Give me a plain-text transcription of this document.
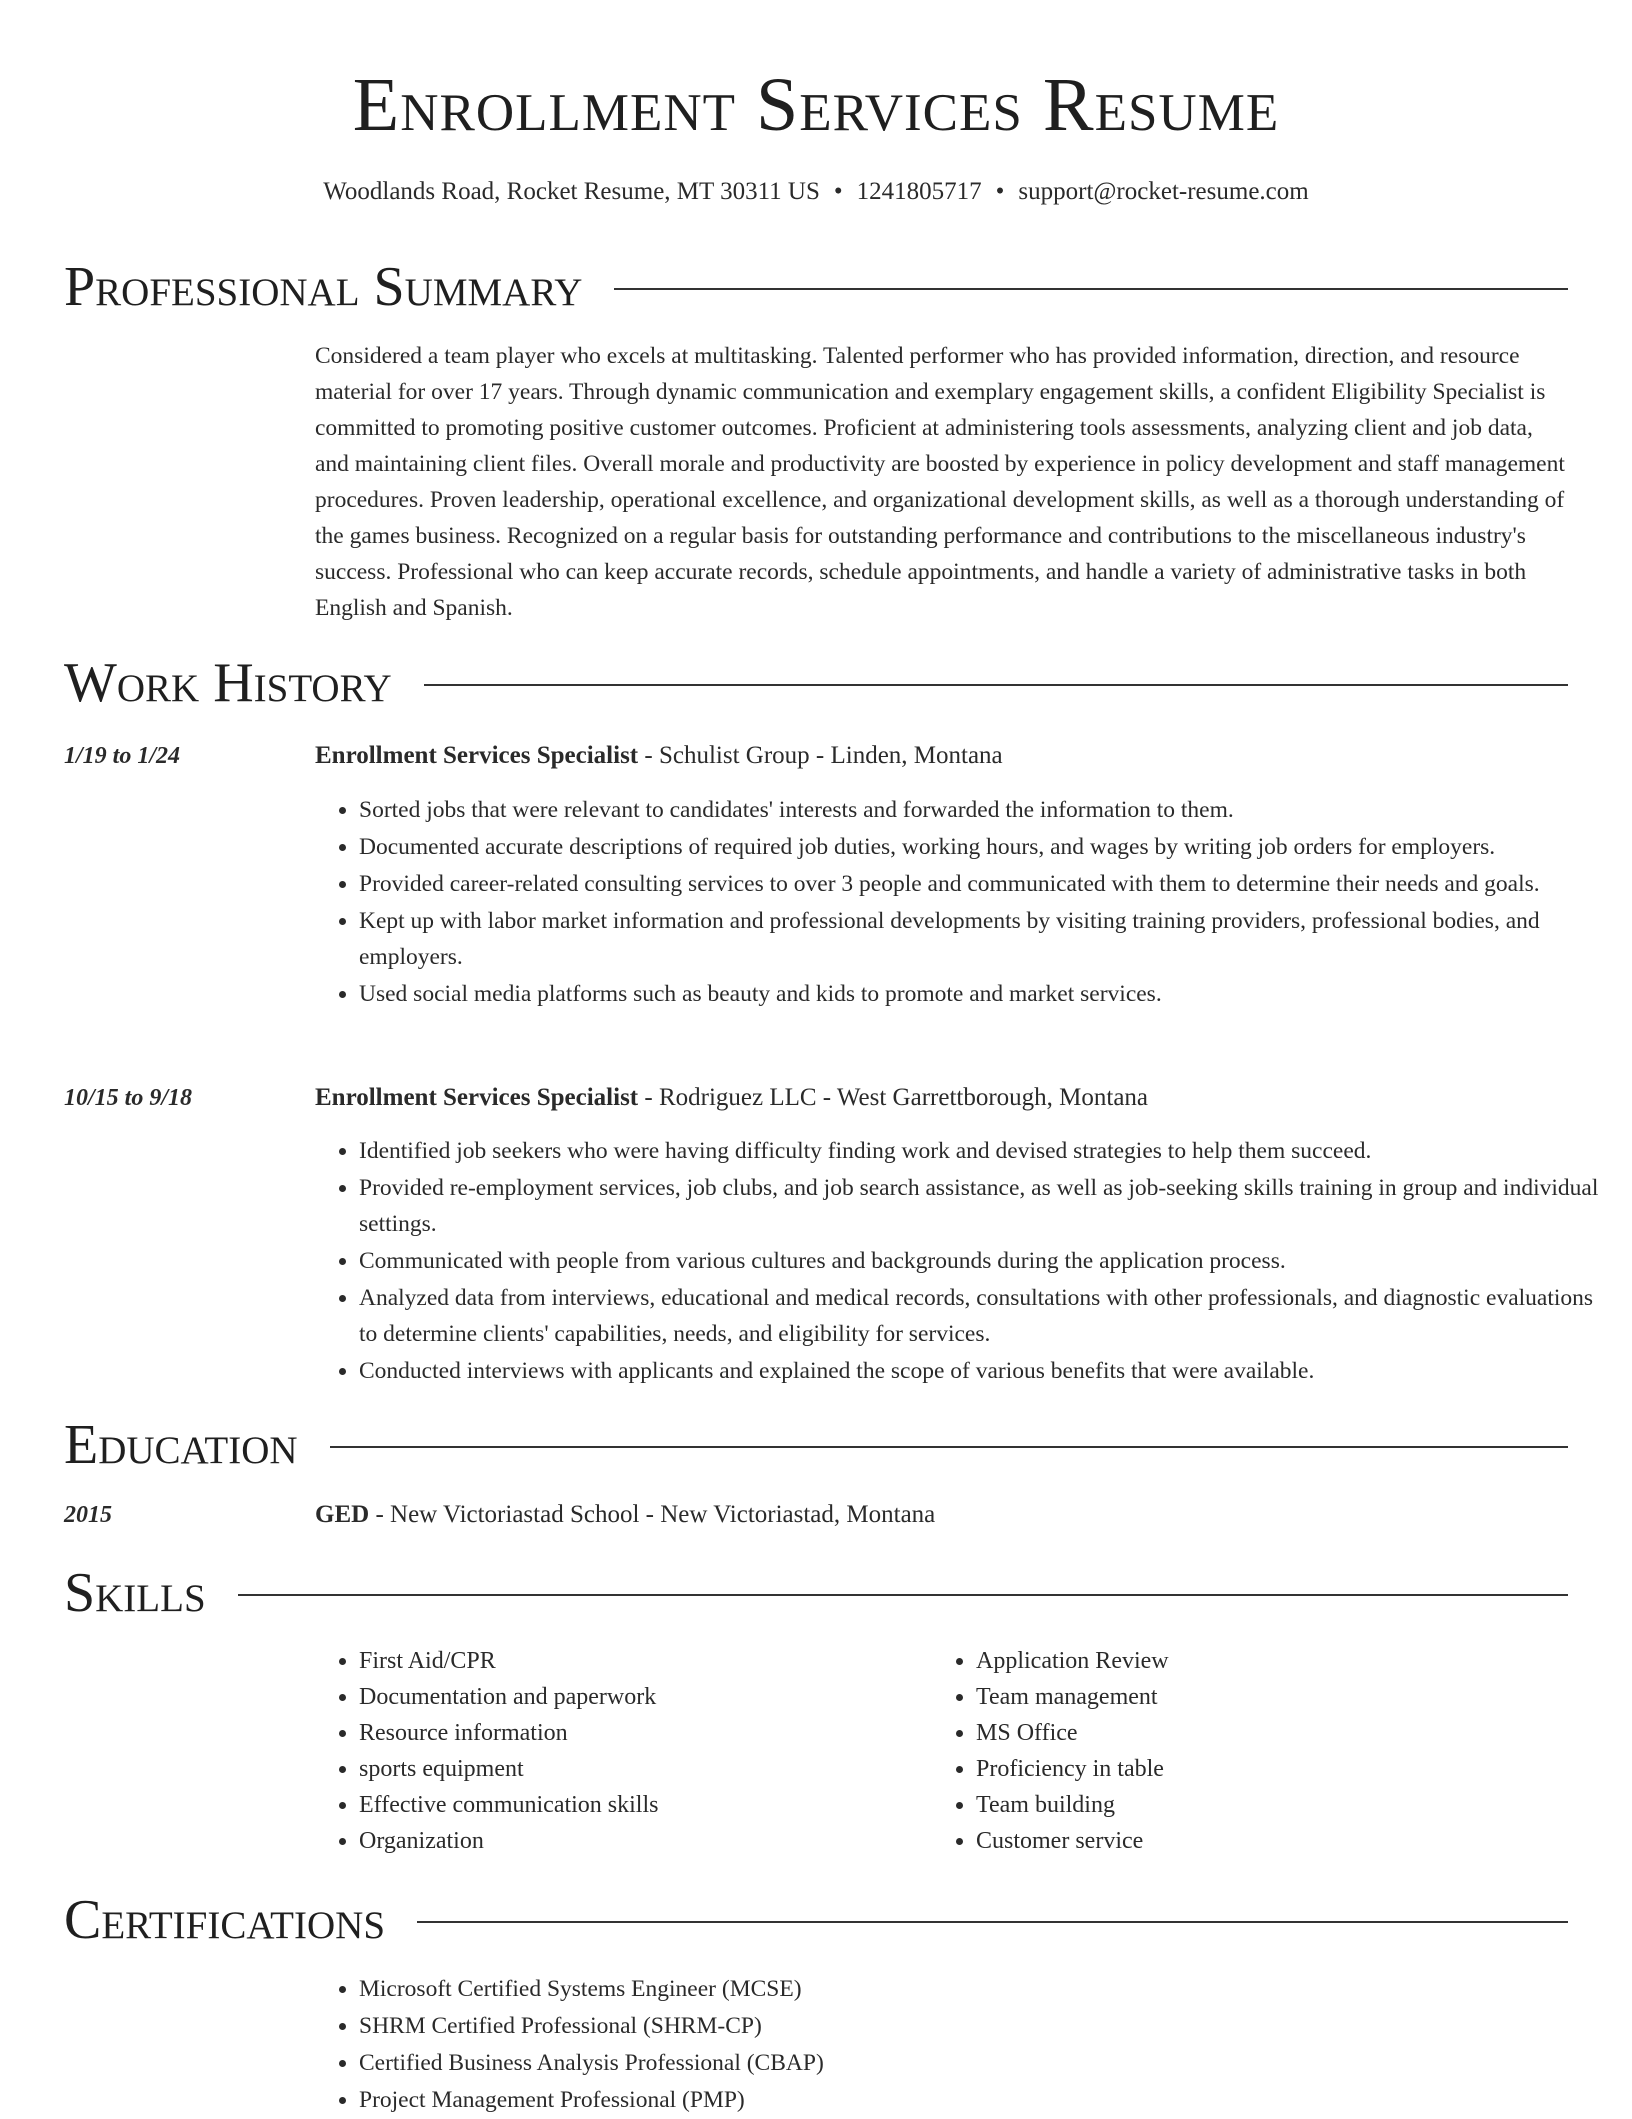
Enrollment Services Resume
Woodlands Road, Rocket Resume, MT 30311 US • 1241805717 • support@rocket-resume.com
Professional Summary
Considered a team player who excels at multitasking. Talented performer who has provided information, direction, and resource material for over 17 years. Through dynamic communication and exemplary engagement skills, a confident Eligibility Specialist is committed to promoting positive customer outcomes. Proficient at administering tools assessments, analyzing client and job data, and maintaining client files. Overall morale and productivity are boosted by experience in policy development and staff management procedures. Proven leadership, operational excellence, and organizational development skills, as well as a thorough understanding of the games business. Recognized on a regular basis for outstanding performance and contributions to the miscellaneous industry's success. Professional who can keep accurate records, schedule appointments, and handle a variety of administrative tasks in both English and Spanish.
Work History
1/19 to 1/24	Enrollment Services Specialist - Schulist Group - Linden, Montana
• Sorted jobs that were relevant to candidates' interests and forwarded the information to them.
• Documented accurate descriptions of required job duties, working hours, and wages by writing job orders for employers.
• Provided career-related consulting services to over 3 people and communicated with them to determine their needs and goals.
• Kept up with labor market information and professional developments by visiting training providers, professional bodies, and employers.
• Used social media platforms such as beauty and kids to promote and market services.
10/15 to 9/18	Enrollment Services Specialist - Rodriguez LLC - West Garrettborough, Montana
• Identified job seekers who were having difficulty finding work and devised strategies to help them succeed.
• Provided re-employment services, job clubs, and job search assistance, as well as job-seeking skills training in group and individual settings.
• Communicated with people from various cultures and backgrounds during the application process.
• Analyzed data from interviews, educational and medical records, consultations with other professionals, and diagnostic evaluations to determine clients' capabilities, needs, and eligibility for services.
• Conducted interviews with applicants and explained the scope of various benefits that were available.
Education
2015	GED - New Victoriastad School - New Victoriastad, Montana
Skills
• First Aid/CPR
• Documentation and paperwork
• Resource information
• sports equipment
• Effective communication skills
• Organization
• Application Review
• Team management
• MS Office
• Proficiency in table
• Team building
• Customer service
Certifications
• Microsoft Certified Systems Engineer (MCSE)
• SHRM Certified Professional (SHRM-CP)
• Certified Business Analysis Professional (CBAP)
• Project Management Professional (PMP)
